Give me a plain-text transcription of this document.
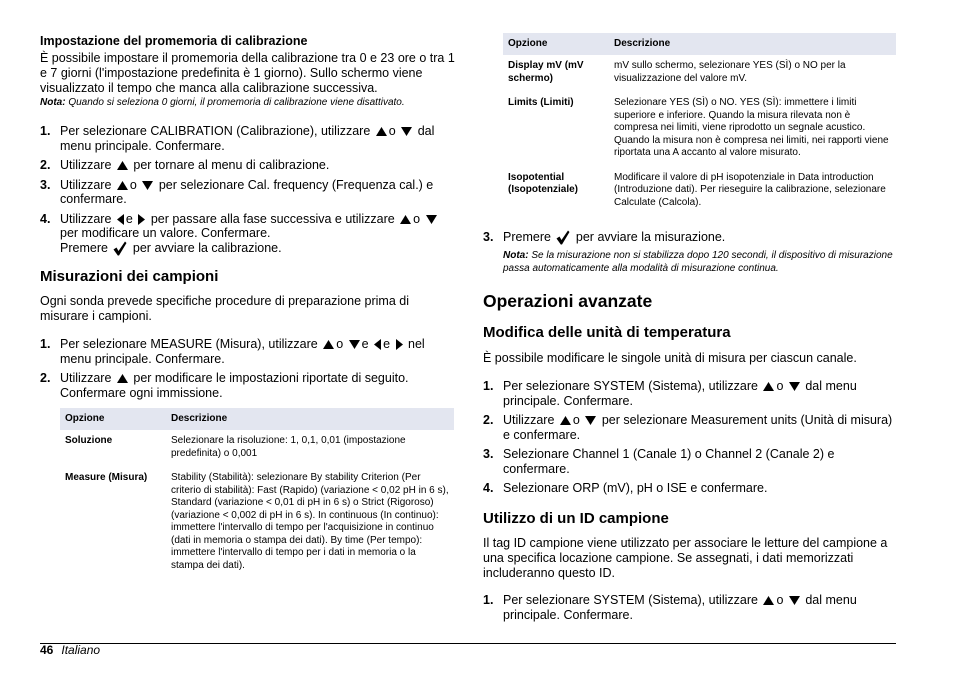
Impostazione del promemoria di calibrazione

È possibile impostare il promemoria della calibrazione tra 0 e 23 ore o tra 1 e 7 giorni (l'impostazione predefinita è 1 giorno). Sullo schermo viene visualizzato il tempo che manca alla calibrazione successiva.

Nota: Quando si seleziona 0 giorni, il promemoria di calibrazione viene disattivato.

1. Per selezionare CALIBRATION (Calibrazione), utilizzare o dal menu principale. Confermare.
2. Utilizzare per tornare al menu di calibrazione.
3. Utilizzare o per selezionare Cal. frequency (Frequenza cal.) e confermare.
4. Utilizzare e per passare alla fase successiva e utilizzare o
per modificare un valore. Confermare.
Premere per avviare la calibrazione.

Misurazioni dei campioni

Ogni sonda prevede specifiche procedure di preparazione prima di misurare i campioni.

1. Per selezionare MEASURE (Misura), utilizzare o e e nel menu principale. Confermare.
2. Utilizzare per modificare le impostazioni riportate di seguito. Confermare ogni immissione.
Opzione	Descrizione
Soluzione	Selezionare la risoluzione: 1, 0,1, 0,01 (impostazione predefinita) o 0,001
Measure (Misura)	Stability (Stabilità): selezionare By stability Criterion (Per criterio di stabilità): Fast (Rapido) (variazione < 0,02 pH in 6 s), Standard (variazione < 0,01 di pH in 6 s) o Strict (Rigoroso) (variazione < 0,002 di pH in 6 s). In continuous (In continuo): immettere l'intervallo di tempo per l'acquisizione in continuo (dati in memoria o stampa dei dati). By time (Per tempo): immettere l'intervallo di tempo per i dati in memoria o la stampa dei dati).
Opzione	Descrizione
Display mV (mV schermo)	mV sullo schermo, selezionare YES (SÌ) o NO per la visualizzazione del valore mV.
Limits (Limiti)	Selezionare YES (SÌ) o NO. YES (SÌ): immettere i limiti superiore e inferiore. Quando la misura rilevata non è compresa nei limiti, viene riprodotto un segnale acustico. Quando la misura non è compresa nei limiti, nei rapporti viene riportata una A accanto al valore misurato.
Isopotential (Isopotenziale)	Modificare il valore di pH isopotenziale in Data introduction (Introduzione dati). Per rieseguire la calibrazione, selezionare Calculate (Calcola).
3. Premere per avviare la misurazione.

Nota: Se la misurazione non si stabilizza dopo 120 secondi, il dispositivo di misurazione passa automaticamente alla modalità di misurazione continua.

Operazioni avanzate

Modifica delle unità di temperatura

È possibile modificare le singole unità di misura per ciascun canale.

1. Per selezionare SYSTEM (Sistema), utilizzare o dal menu principale. Confermare.
2. Utilizzare o per selezionare Measurement units (Unità di misura) e confermare.
3. Selezionare Channel 1 (Canale 1) o Channel 2 (Canale 2) e confermare.
4. Selezionare ORP (mV), pH o ISE e confermare.

Utilizzo di un ID campione

Il tag ID campione viene utilizzato per associare le letture del campione a una specifica locazione campione. Se assegnati, i dati memorizzati includeranno questo ID.

1. Per selezionare SYSTEM (Sistema), utilizzare o dal menu principale. Confermare.
46 Italiano
